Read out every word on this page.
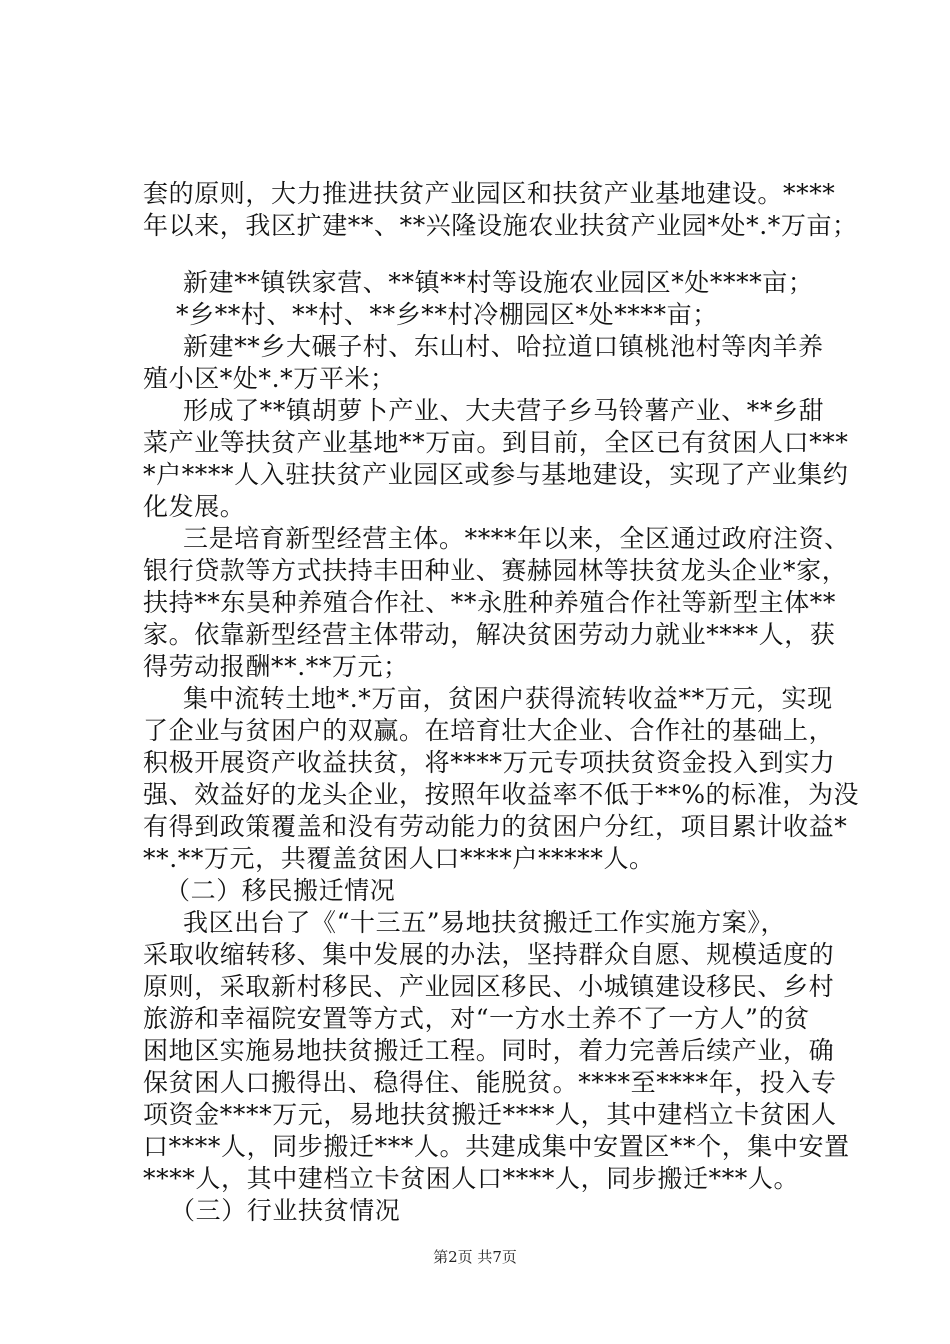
套的原则，大力推进扶贫产业园区和扶贫产业基地建设。****
年以来，我区扩建**、**兴隆设施农业扶贫产业园*处*.*万亩；
新建**镇铁家营、**镇**村等设施农业园区*处****亩；
*乡**村、**村、**乡**村冷棚园区*处****亩；
新建**乡大碾子村、东山村、哈拉道口镇桃池村等肉羊养
殖小区*处*.*万平米；
形成了**镇胡萝卜产业、大夫营子乡马铃薯产业、**乡甜
菜产业等扶贫产业基地**万亩。到目前，全区已有贫困人口***
*户****人入驻扶贫产业园区或参与基地建设，实现了产业集约
化发展。
三是培育新型经营主体。****年以来，全区通过政府注资、
银行贷款等方式扶持丰田种业、赛赫园林等扶贫龙头企业*家，
扶持**东昊种养殖合作社、**永胜种养殖合作社等新型主体**
家。依靠新型经营主体带动，解决贫困劳动力就业****人，获
得劳动报酬**.**万元；
集中流转土地*.*万亩，贫困户获得流转收益**万元，实现
了企业与贫困户的双赢。在培育壮大企业、合作社的基础上，
积极开展资产收益扶贫，将****万元专项扶贫资金投入到实力
强、效益好的龙头企业，按照年收益率不低于**%的标准，为没
有得到政策覆盖和没有劳动能力的贫困户分红，项目累计收益*
**.**万元，共覆盖贫困人口****户*****人。
（二）移民搬迁情况
我区出台了《“十三五”易地扶贫搬迁工作实施方案》，
采取收缩转移、集中发展的办法，坚持群众自愿、规模适度的
原则，采取新村移民、产业园区移民、小城镇建设移民、乡村
旅游和幸福院安置等方式，对“一方水土养不了一方人”的贫
困地区实施易地扶贫搬迁工程。同时，着力完善后续产业，确
保贫困人口搬得出、稳得住、能脱贫。****至****年，投入专
项资金****万元，易地扶贫搬迁****人，其中建档立卡贫困人
口****人，同步搬迁***人。共建成集中安置区**个，集中安置
****人，其中建档立卡贫困人口****人，同步搬迁***人。
（三）行业扶贫情况
第2页 共7页
